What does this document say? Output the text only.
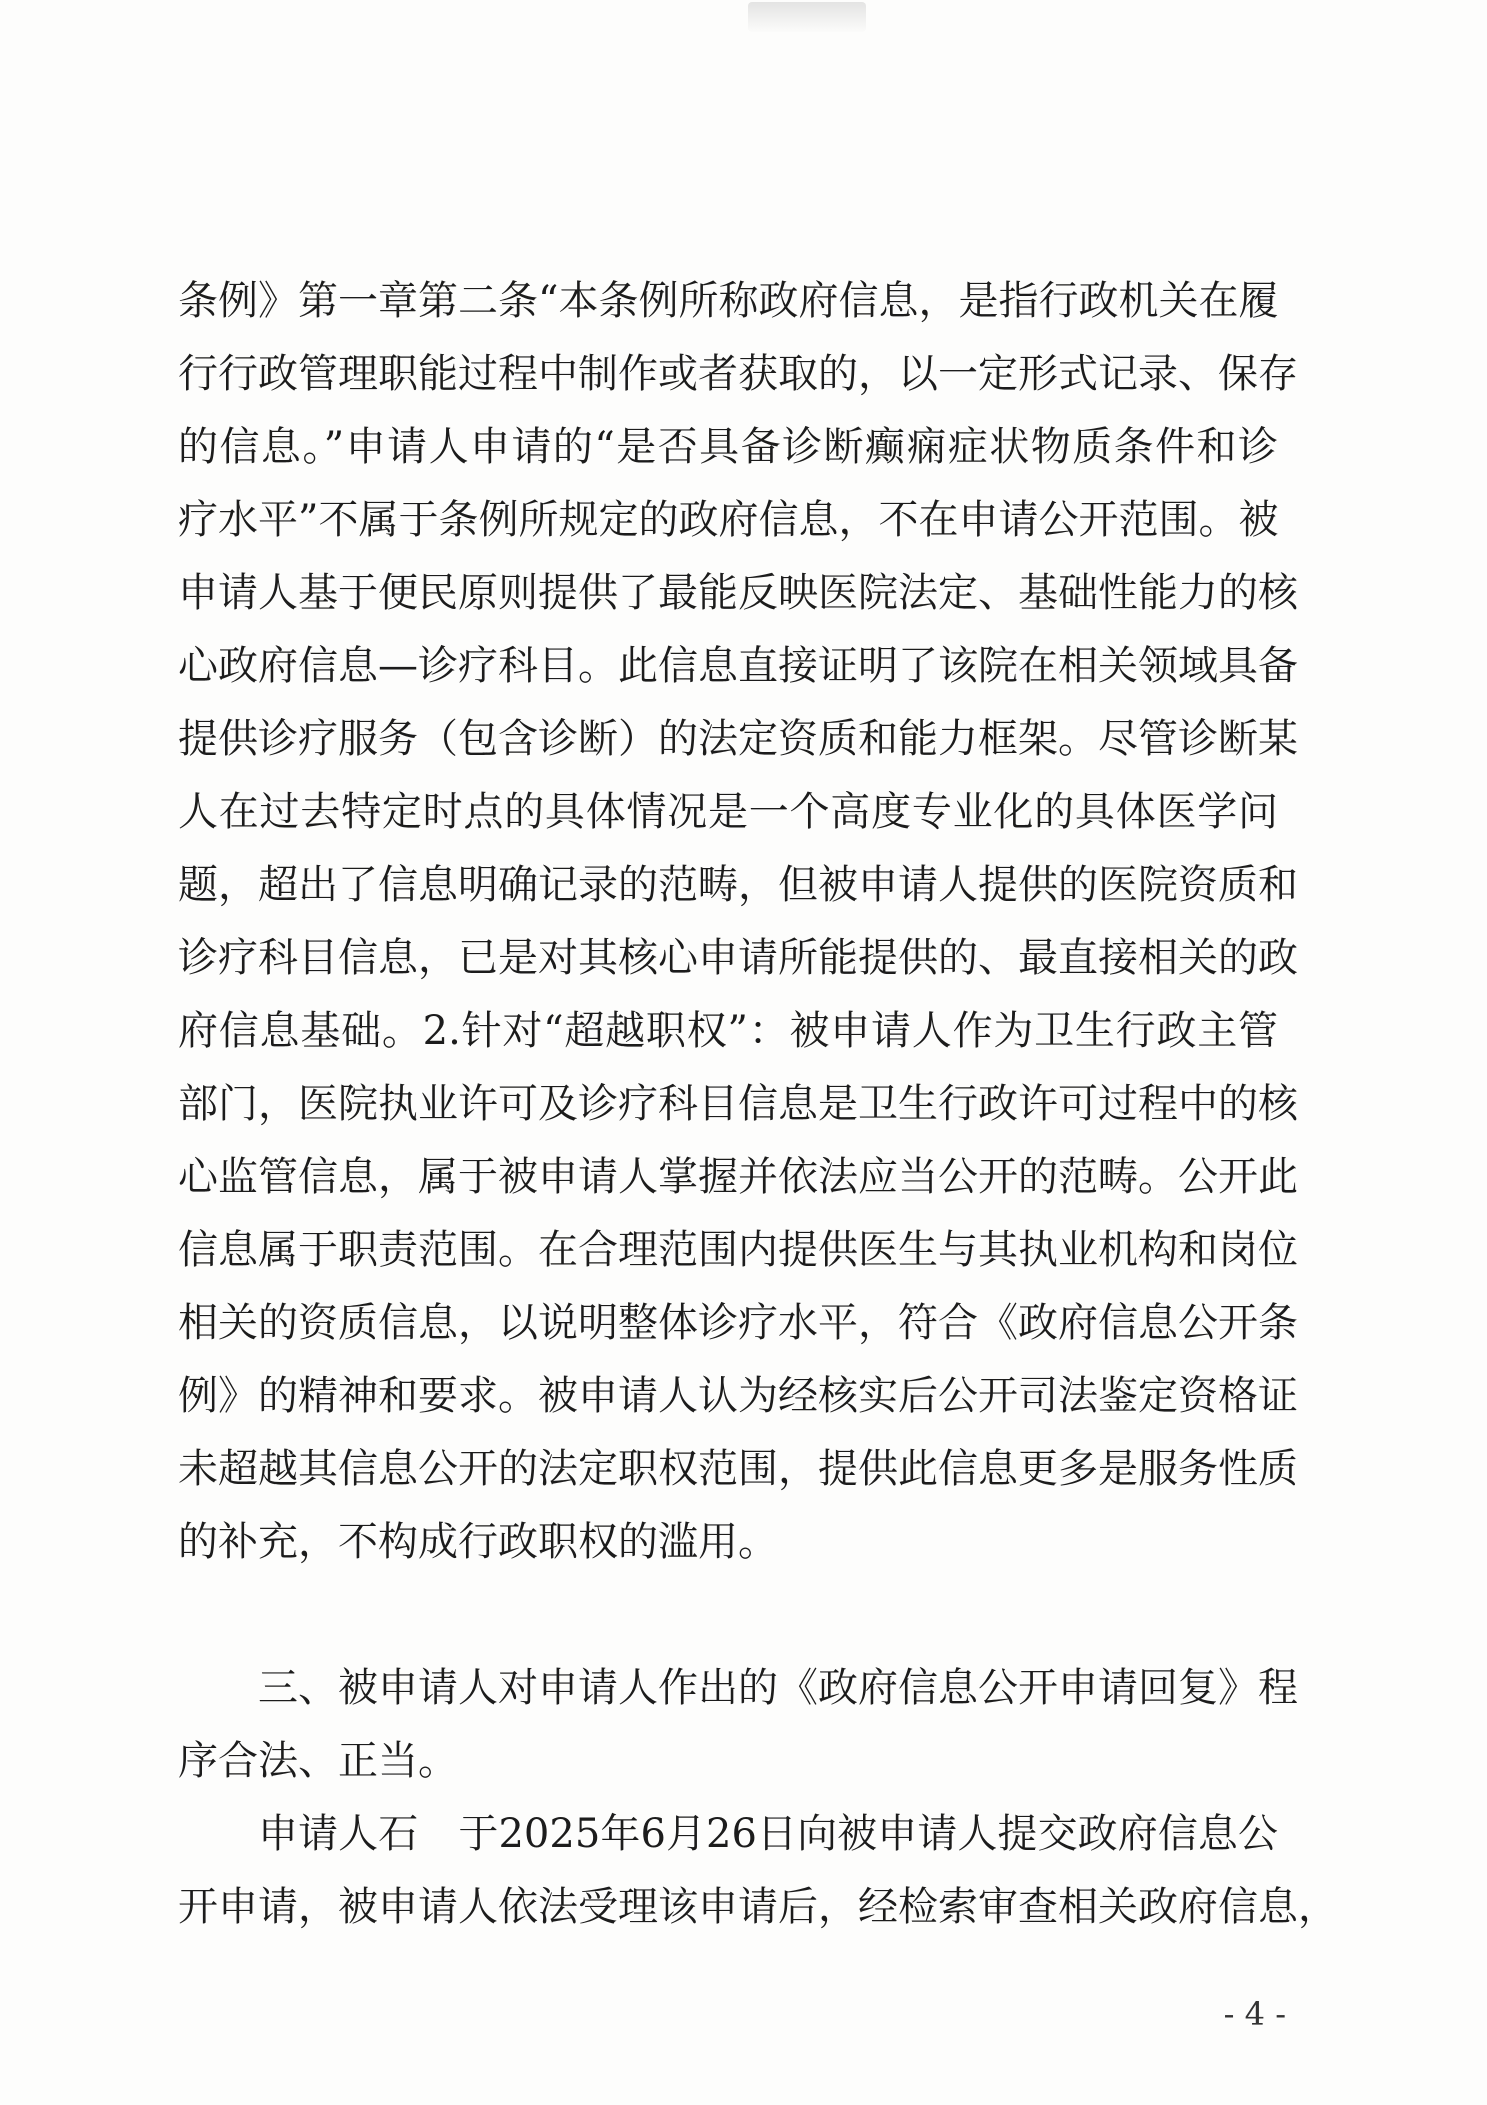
条例》第一章第二条“本条例所称政府信息，是指行政机关在履
行行政管理职能过程中制作或者获取的，以一定形式记录、保存
的信息。”申请人申请的“是否具备诊断癫痫症状物质条件和诊
疗水平”不属于条例所规定的政府信息，不在申请公开范围。被
申请人基于便民原则提供了最能反映医院法定、基础性能力的核
心政府信息—诊疗科目。此信息直接证明了该院在相关领域具备
提供诊疗服务（包含诊断）的法定资质和能力框架。尽管诊断某
人在过去特定时点的具体情况是一个高度专业化的具体医学问
题，超出了信息明确记录的范畴，但被申请人提供的医院资质和
诊疗科目信息，已是对其核心申请所能提供的、最直接相关的政
府信息基础。2.针对“超越职权”：被申请人作为卫生行政主管
部门，医院执业许可及诊疗科目信息是卫生行政许可过程中的核
心监管信息，属于被申请人掌握并依法应当公开的范畴。公开此
信息属于职责范围。在合理范围内提供医生与其执业机构和岗位
相关的资质信息，以说明整体诊疗水平，符合《政府信息公开条
例》的精神和要求。被申请人认为经核实后公开司法鉴定资格证
未超越其信息公开的法定职权范围，提供此信息更多是服务性质
的补充，不构成行政职权的滥用。
三、被申请人对申请人作出的《政府信息公开申请回复》程
序合法、正当。
申请人石　于2025年6月26日向被申请人提交政府信息公
开申请，被申请人依法受理该申请后，经检索审查相关政府信息，
- 4 -
